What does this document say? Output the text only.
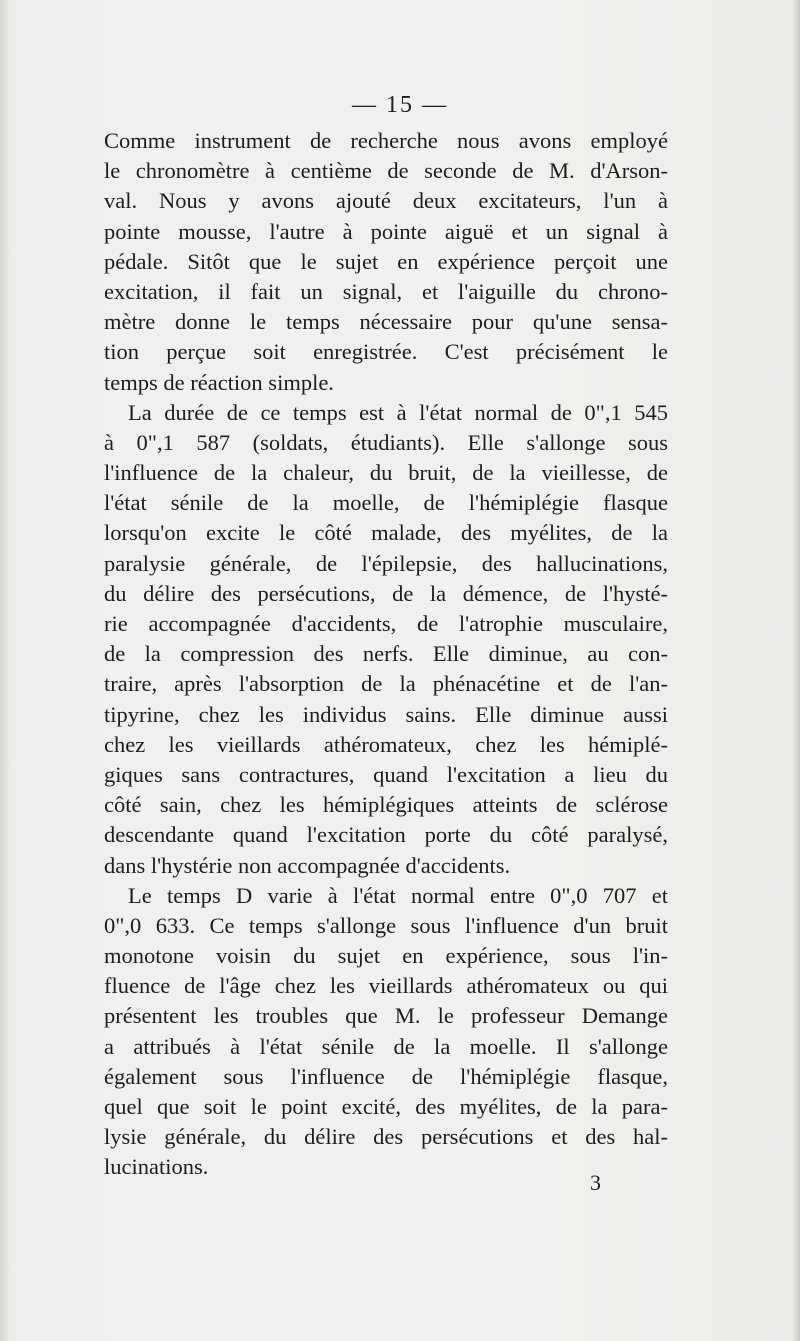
— 15 —
Comme instrument de recherche nous avons employé
le chronomètre à centième de seconde de M. d'Arson-
val. Nous y avons ajouté deux excitateurs, l'un à
pointe mousse, l'autre à pointe aiguë et un signal à
pédale. Sitôt que le sujet en expérience perçoit une
excitation, il fait un signal, et l'aiguille du chrono-
mètre donne le temps nécessaire pour qu'une sensa-
tion perçue soit enregistrée. C'est précisément le
temps de réaction simple.
La durée de ce temps est à l'état normal de 0",1 545
à 0",1 587 (soldats, étudiants). Elle s'allonge sous
l'influence de la chaleur, du bruit, de la vieillesse, de
l'état sénile de la moelle, de l'hémiplégie flasque
lorsqu'on excite le côté malade, des myélites, de la
paralysie générale, de l'épilepsie, des hallucinations,
du délire des persécutions, de la démence, de l'hysté-
rie accompagnée d'accidents, de l'atrophie musculaire,
de la compression des nerfs. Elle diminue, au con-
traire, après l'absorption de la phénacétine et de l'an-
tipyrine, chez les individus sains. Elle diminue aussi
chez les vieillards athéromateux, chez les hémiplé-
giques sans contractures, quand l'excitation a lieu du
côté sain, chez les hémiplégiques atteints de sclérose
descendante quand l'excitation porte du côté paralysé,
dans l'hystérie non accompagnée d'accidents.
Le temps D varie à l'état normal entre 0",0 707 et
0",0 633. Ce temps s'allonge sous l'influence d'un bruit
monotone voisin du sujet en expérience, sous l'in-
fluence de l'âge chez les vieillards athéromateux ou qui
présentent les troubles que M. le professeur Demange
a attribués à l'état sénile de la moelle. Il s'allonge
également sous l'influence de l'hémiplégie flasque,
quel que soit le point excité, des myélites, de la para-
lysie générale, du délire des persécutions et des hal-
lucinations.
3
